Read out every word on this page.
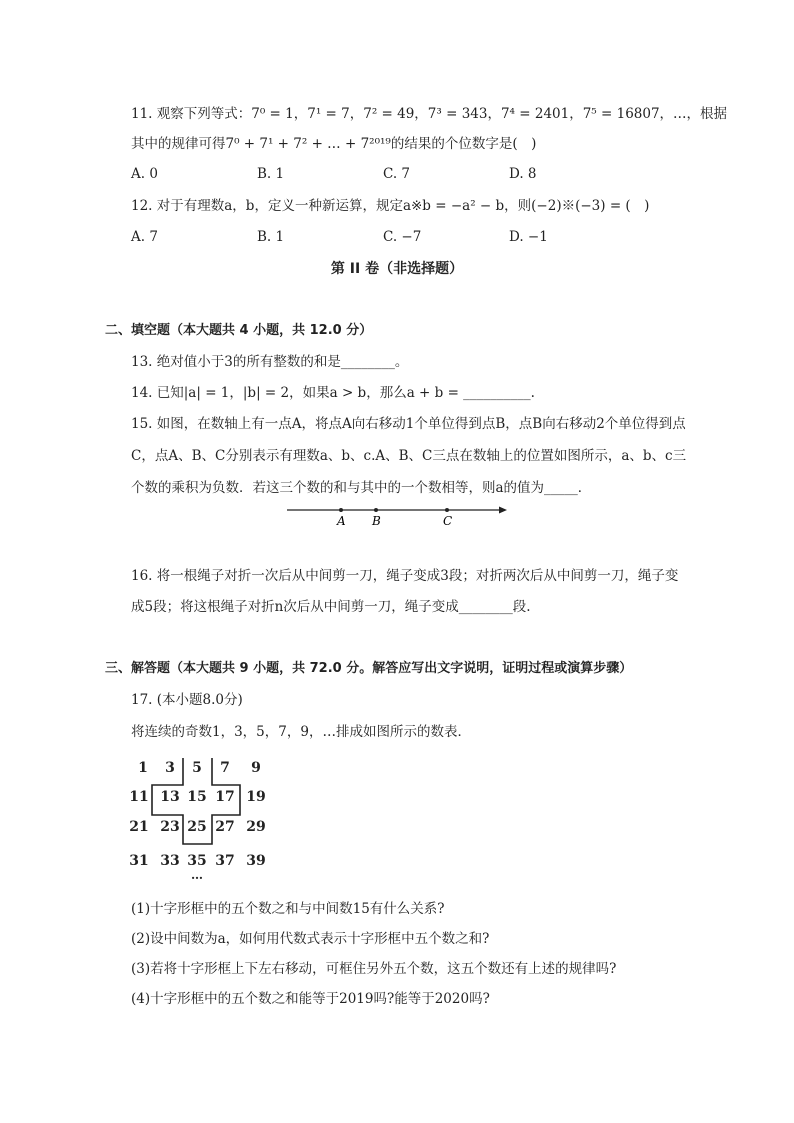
11. 观察下列等式：7⁰ = 1，7¹ = 7，7² = 49，7³ = 343，7⁴ = 2401，7⁵ = 16807，…，根据
其中的规律可得7⁰ + 7¹ + 7² + … + 7²⁰¹⁹的结果的个位数字是(　)
A. 0	B. 1	C. 7	D. 8
12. 对于有理数a，b，定义一种新运算，规定a※b = −a² − b，则(−2)※(−3) = (　)
A. 7	B. 1	C. −7	D. −1
第 II 卷（非选择题）
二、填空题（本大题共 4 小题，共 12.0 分）
13. 绝对值小于3的所有整数的和是________。
14. 已知|a| = 1，|b| = 2，如果a > b，那么a + b = __________.
15. 如图，在数轴上有一点A，将点A向右移动1个单位得到点B，点B向右移动2个单位得到点
C，点A、B、C分别表示有理数a、b、c.A、B、C三点在数轴上的位置如图所示，a、b、c三
个数的乘积为负数．若这三个数的和与其中的一个数相等，则a的值为_____．
A B	C
16. 将一根绳子对折一次后从中间剪一刀，绳子变成3段；对折两次后从中间剪一刀，绳子变
成5段；将这根绳子对折n次后从中间剪一刀，绳子变成________段.
三、解答题（本大题共 9 小题，共 72.0 分。解答应写出文字说明，证明过程或演算步骤）
17. (本小题8.0分)
将连续的奇数1，3，5，7，9，…排成如图所示的数表．
1	3	5	7	9
11 13 15 17 19
21 23 25 27 29
31 33 35 37 39
…
(1)十字形框中的五个数之和与中间数15有什么关系?
(2)设中间数为a，如何用代数式表示十字形框中五个数之和?
(3)若将十字形框上下左右移动，可框住另外五个数，这五个数还有上述的规律吗?
(4)十字形框中的五个数之和能等于2019吗?能等于2020吗?
